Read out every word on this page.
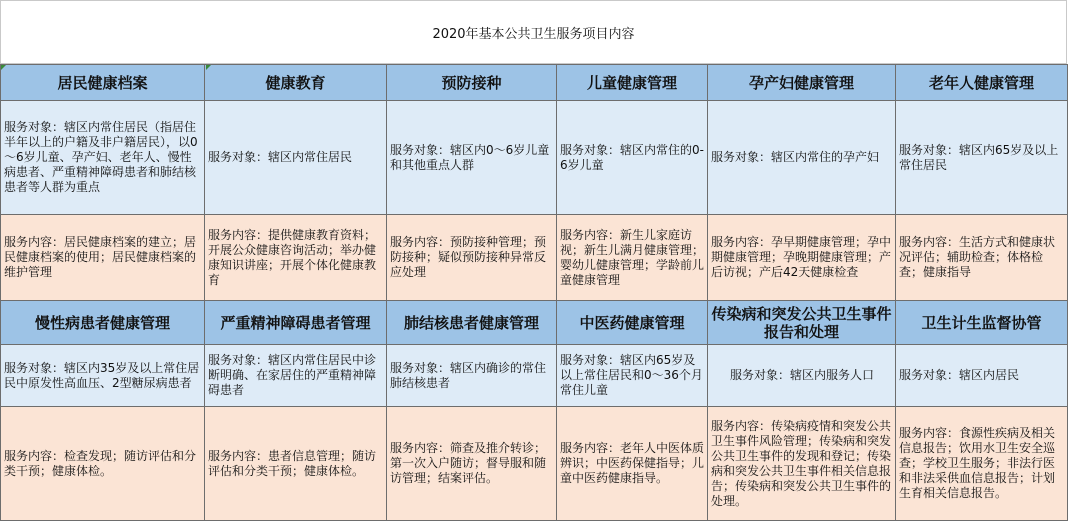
2020年基本公共卫生服务项目内容
居民健康档案	健康教育	预防接种	儿童健康管理	孕产妇健康管理	老年人健康管理
服务对象：辖区内常住居民（指居住半年以上的户籍及非户籍居民），以0～6岁儿童、孕产妇、老年人、慢性病患者、严重精神障碍患者和肺结核患者等人群为重点	服务对象：辖区内常住居民	服务对象：辖区内0～6岁儿童和其他重点人群	服务对象：辖区内常住的0-6岁儿童	服务对象：辖区内常住的孕产妇	服务对象：辖区内65岁及以上常住居民
服务内容：居民健康档案的建立；居民健康档案的使用；居民健康档案的维护管理	服务内容：提供健康教育资料；开展公众健康咨询活动；举办健康知识讲座；开展个体化健康教育	服务内容：预防接种管理；预防接种；疑似预防接种异常反应处理	服务内容：新生儿家庭访视；新生儿满月健康管理；婴幼儿健康管理；学龄前儿童健康管理	服务内容：孕早期健康管理；孕中期健康管理；孕晚期健康管理；产后访视；产后42天健康检查	服务内容：生活方式和健康状况评估；辅助检查；体格检查；健康指导
慢性病患者健康管理	严重精神障碍患者管理	肺结核患者健康管理	中医药健康管理	传染病和突发公共卫生事件报告和处理	卫生计生监督协管
服务对象：辖区内35岁及以上常住居民中原发性高血压、2型糖尿病患者	服务对象：辖区内常住居民中诊断明确、在家居住的严重精神障碍患者	服务对象：辖区内确诊的常住肺结核患者	服务对象：辖区内65岁及以上常住居民和0～36个月常住儿童	服务对象：辖区内服务人口	服务对象：辖区内居民
服务内容：检查发现；随访评估和分类干预；健康体检。	服务内容：患者信息管理；随访评估和分类干预；健康体检。	服务内容：筛查及推介转诊；第一次入户随访；督导服和随访管理；结案评估。	服务内容：老年人中医体质辨识；中医药保健指导；儿童中医药健康指导。	服务内容：传染病疫情和突发公共卫生事件风险管理；传染病和突发公共卫生事件的发现和登记；传染病和突发公共卫生事件相关信息报告；传染病和突发公共卫生事件的处理。	服务内容：食源性疾病及相关信息报告；饮用水卫生安全巡查；学校卫生服务；非法行医和非法采供血信息报告；计划生育相关信息报告。
